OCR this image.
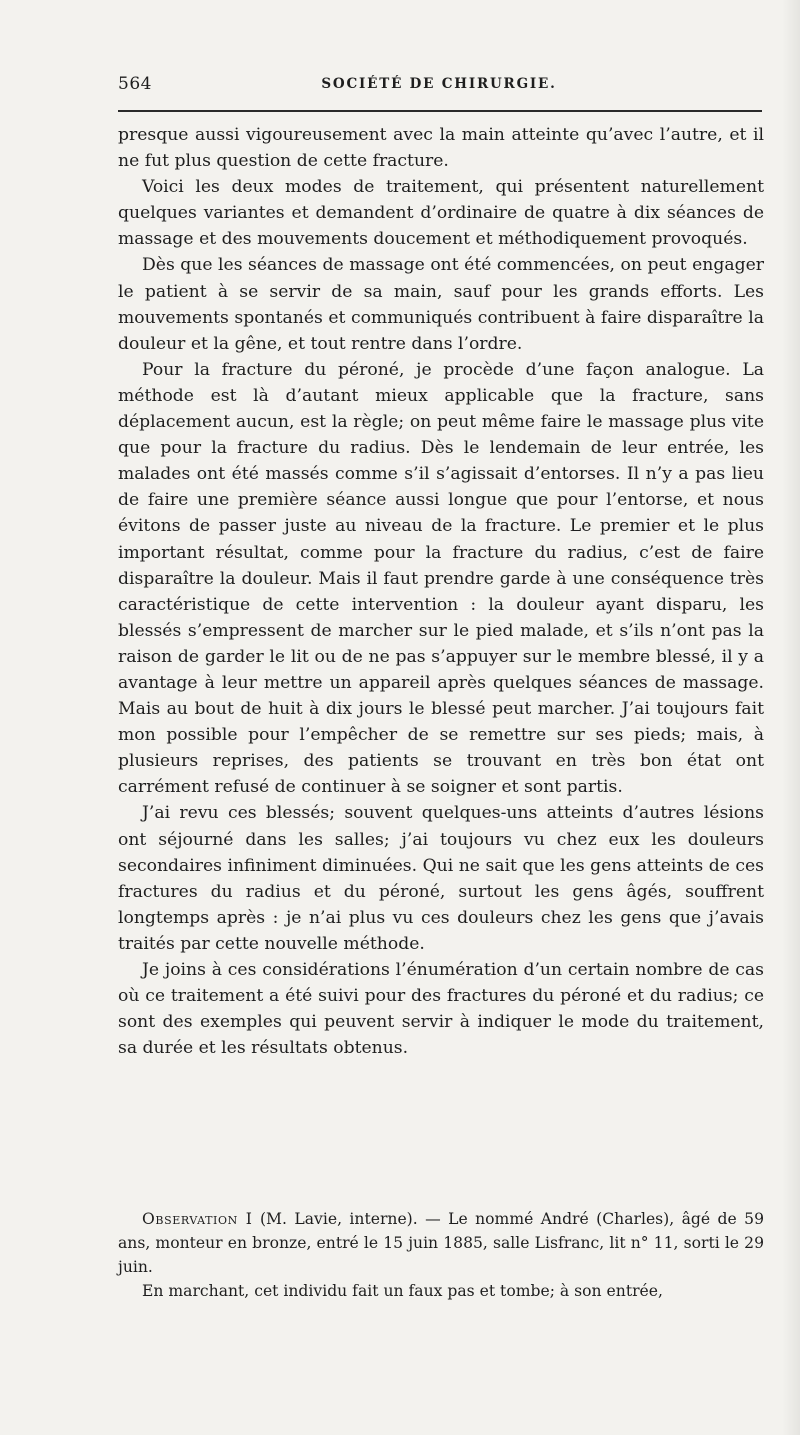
564	SOCIÉTÉ DE CHIRURGIE.

presque aussi vigoureusement avec la main atteinte qu’avec l’autre, et il ne fut plus question de cette fracture.

Voici les deux modes de traitement, qui présentent naturellement quelques variantes et demandent d’ordinaire de quatre à dix séances de massage et des mouvements doucement et méthodiquement provoqués.

Dès que les séances de massage ont été commencées, on peut engager le patient à se servir de sa main, sauf pour les grands efforts. Les mouvements spontanés et communiqués contribuent à faire disparaître la douleur et la gêne, et tout rentre dans l’ordre.

Pour la fracture du péroné, je procède d’une façon analogue. La méthode est là d’autant mieux applicable que la fracture, sans déplacement aucun, est la règle; on peut même faire le massage plus vite que pour la fracture du radius. Dès le lendemain de leur entrée, les malades ont été massés comme s’il s’agissait d’entorses. Il n’y a pas lieu de faire une première séance aussi longue que pour l’entorse, et nous évitons de passer juste au niveau de la fracture. Le premier et le plus important résultat, comme pour la fracture du radius, c’est de faire disparaître la douleur. Mais il faut prendre garde à une conséquence très caractéristique de cette intervention : la douleur ayant disparu, les blessés s’empressent de marcher sur le pied malade, et s’ils n’ont pas la raison de garder le lit ou de ne pas s’appuyer sur le membre blessé, il y a avantage à leur mettre un appareil après quelques séances de massage. Mais au bout de huit à dix jours le blessé peut marcher. J’ai toujours fait mon possible pour l’empêcher de se remettre sur ses pieds; mais, à plusieurs reprises, des patients se trouvant en très bon état ont carrément refusé de continuer à se soigner et sont partis.

J’ai revu ces blessés; souvent quelques-uns atteints d’autres lésions ont séjourné dans les salles; j’ai toujours vu chez eux les douleurs secondaires infiniment diminuées. Qui ne sait que les gens atteints de ces fractures du radius et du péroné, surtout les gens âgés, souffrent longtemps après : je n’ai plus vu ces douleurs chez les gens que j’avais traités par cette nouvelle méthode.

Je joins à ces considérations l’énumération d’un certain nombre de cas où ce traitement a été suivi pour des fractures du péroné et du radius; ce sont des exemples qui peuvent servir à indiquer le mode du traitement, sa durée et les résultats obtenus.

Observation I (M. Lavie, interne). — Le nommé André (Charles), âgé de 59 ans, monteur en bronze, entré le 15 juin 1885, salle Lisfranc, lit n° 11, sorti le 29 juin.

En marchant, cet individu fait un faux pas et tombe; à son entrée,
